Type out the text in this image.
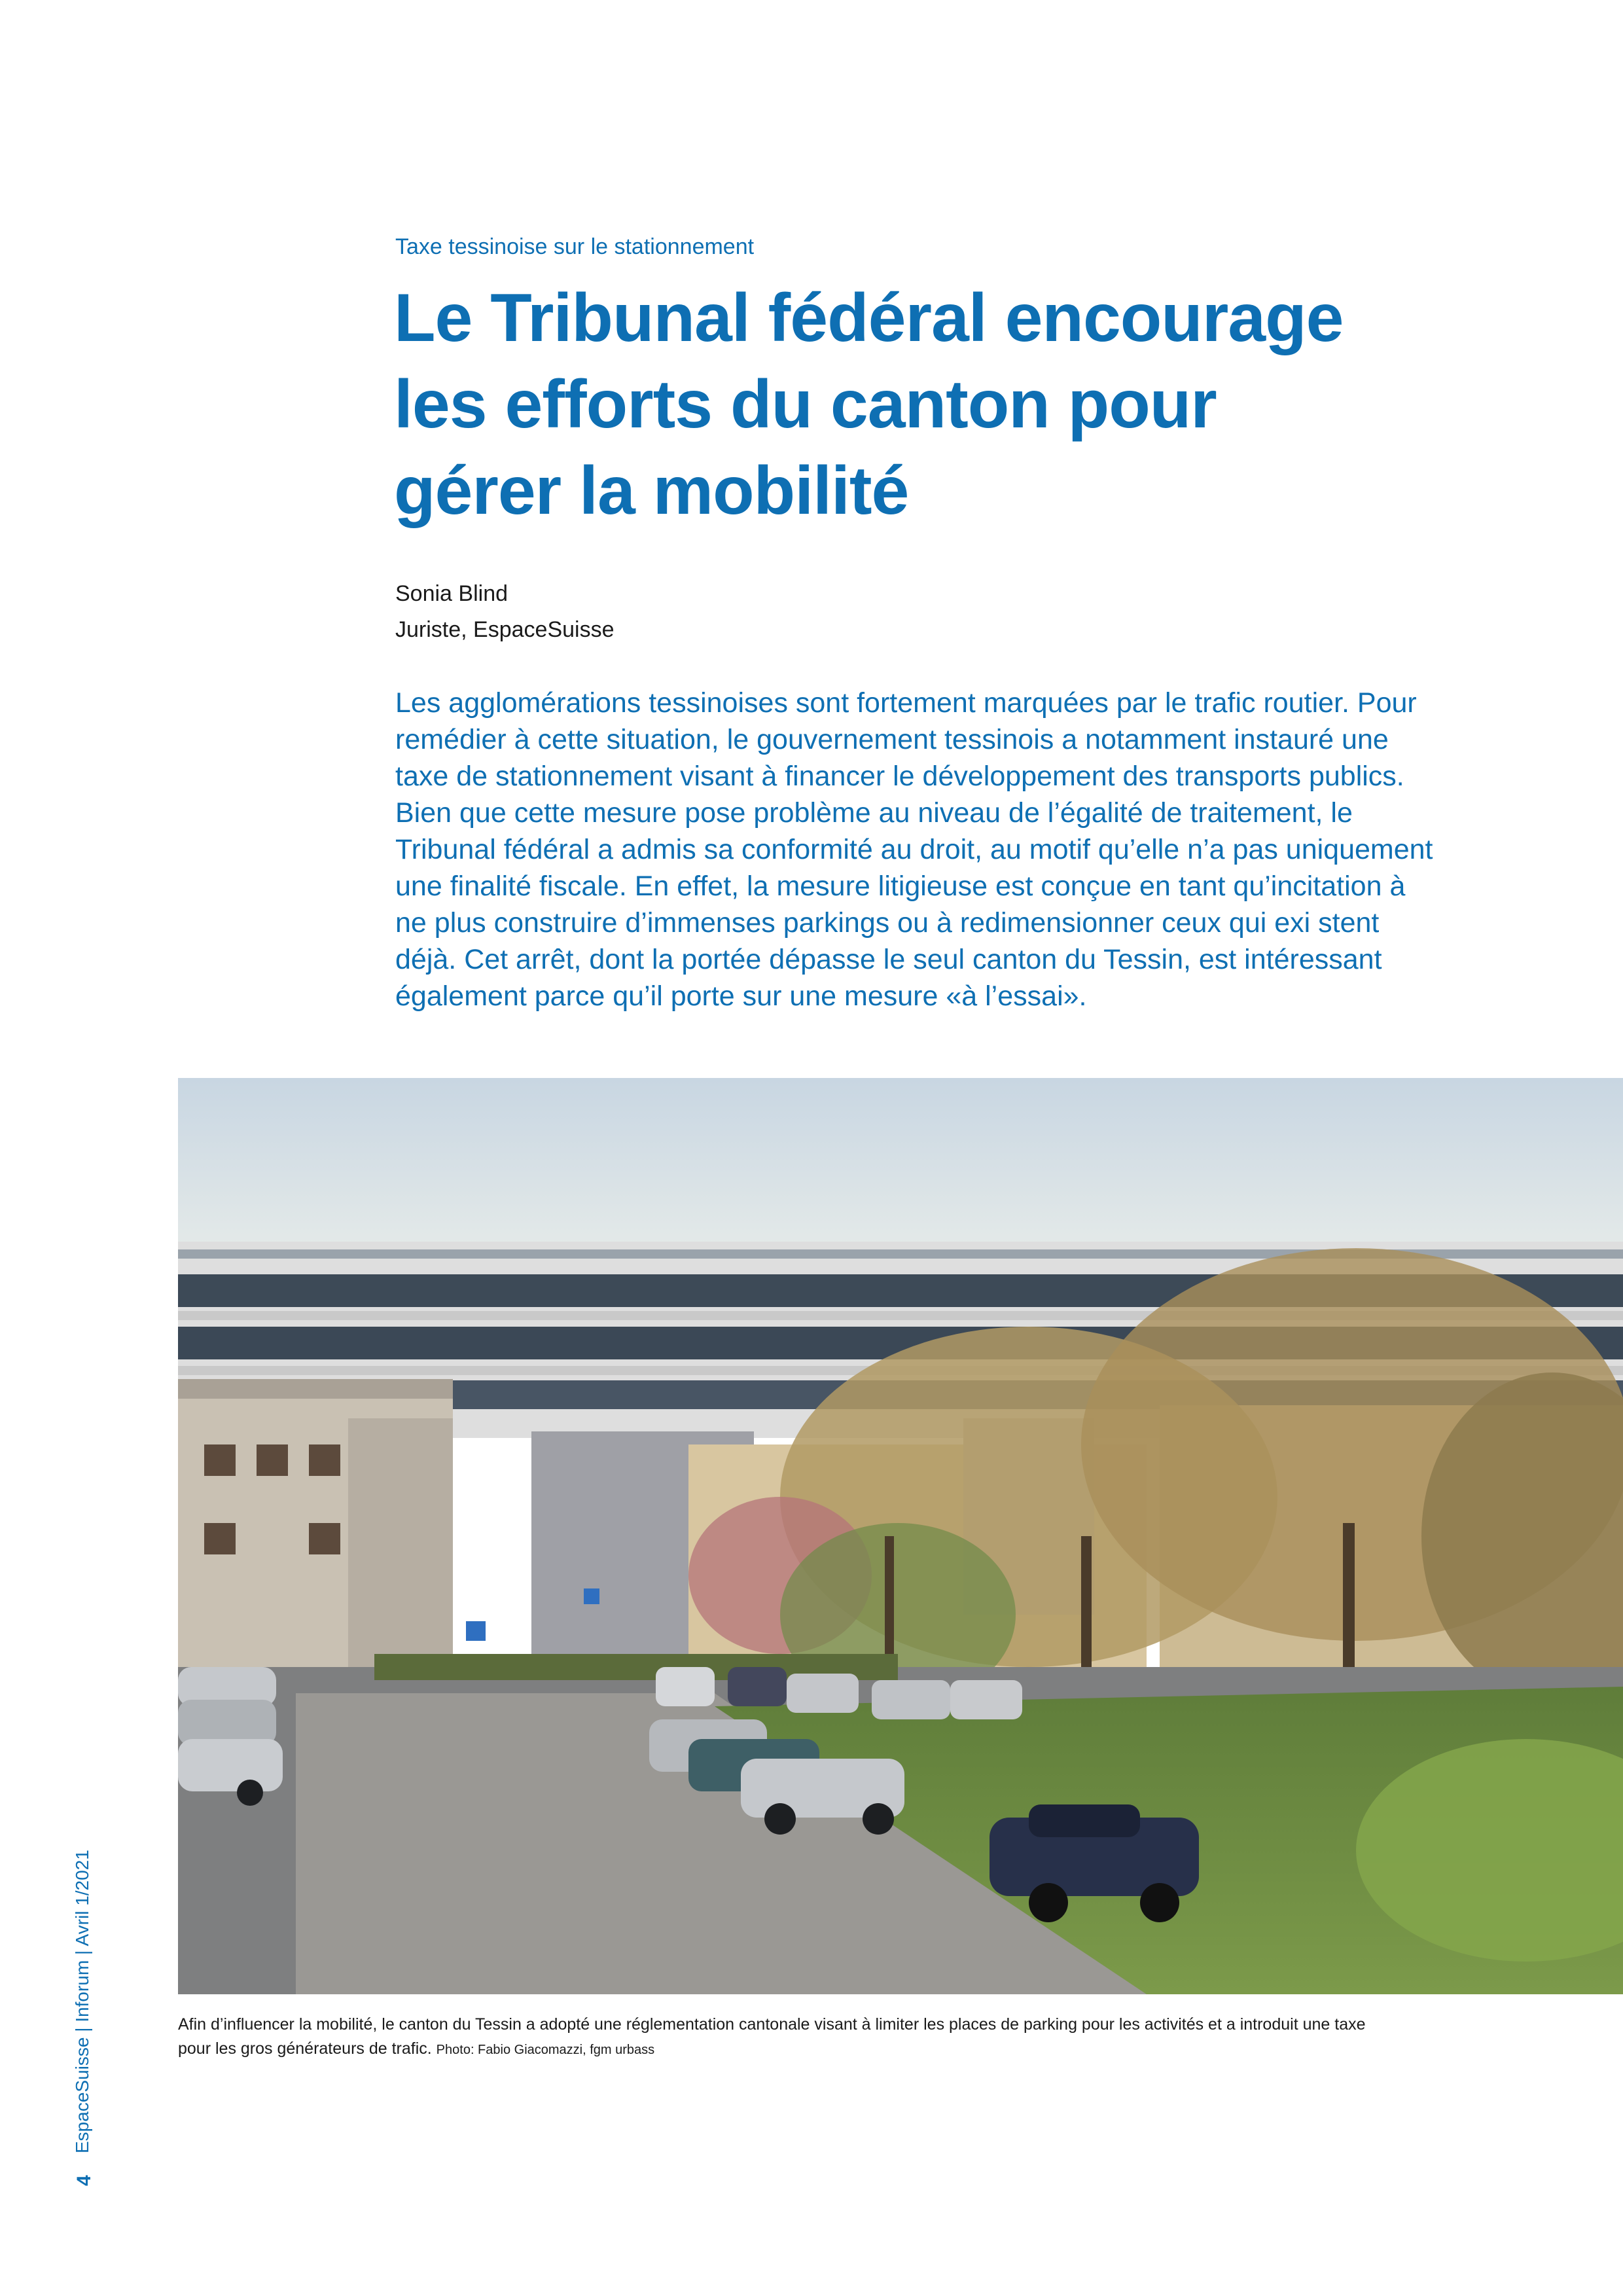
Taxe tessinoise sur le stationnement
Le Tribunal fédéral encourage
les efforts du canton pour
gérer la mobilité
Sonia Blind
Juriste, EspaceSuisse
Les agglomérations tessinoises sont fortement marquées par le trafic routier. Pour
remédier à cette situation, le gouvernement tessinois a notamment instauré une
taxe de stationnement visant à financer le développement des transports publics.
Bien que cette mesure pose problème au niveau de l’égalité de traitement, le
Tribunal fédéral a admis sa conformité au droit, au motif qu’elle n’a pas uniquement
une finalité fiscale. En effet, la mesure litigieuse est conçue en tant qu’incitation à
ne plus construire d’immenses parkings ou à redimensionner ceux qui exi stent
déjà. Cet arrêt, dont la portée dépasse le seul canton du Tessin, est intéressant
également parce qu’il porte sur une mesure «à l’essai».
Afin d’influencer la mobilité, le canton du Tessin a adopté une réglementation cantonale visant à limiter les places de parking pour les activités et a introduit une taxe
pour les gros générateurs de trafic. Photo: Fabio Giacomazzi, fgm urbass
EspaceSuisse | Inforum | Avril 1/2021
4
